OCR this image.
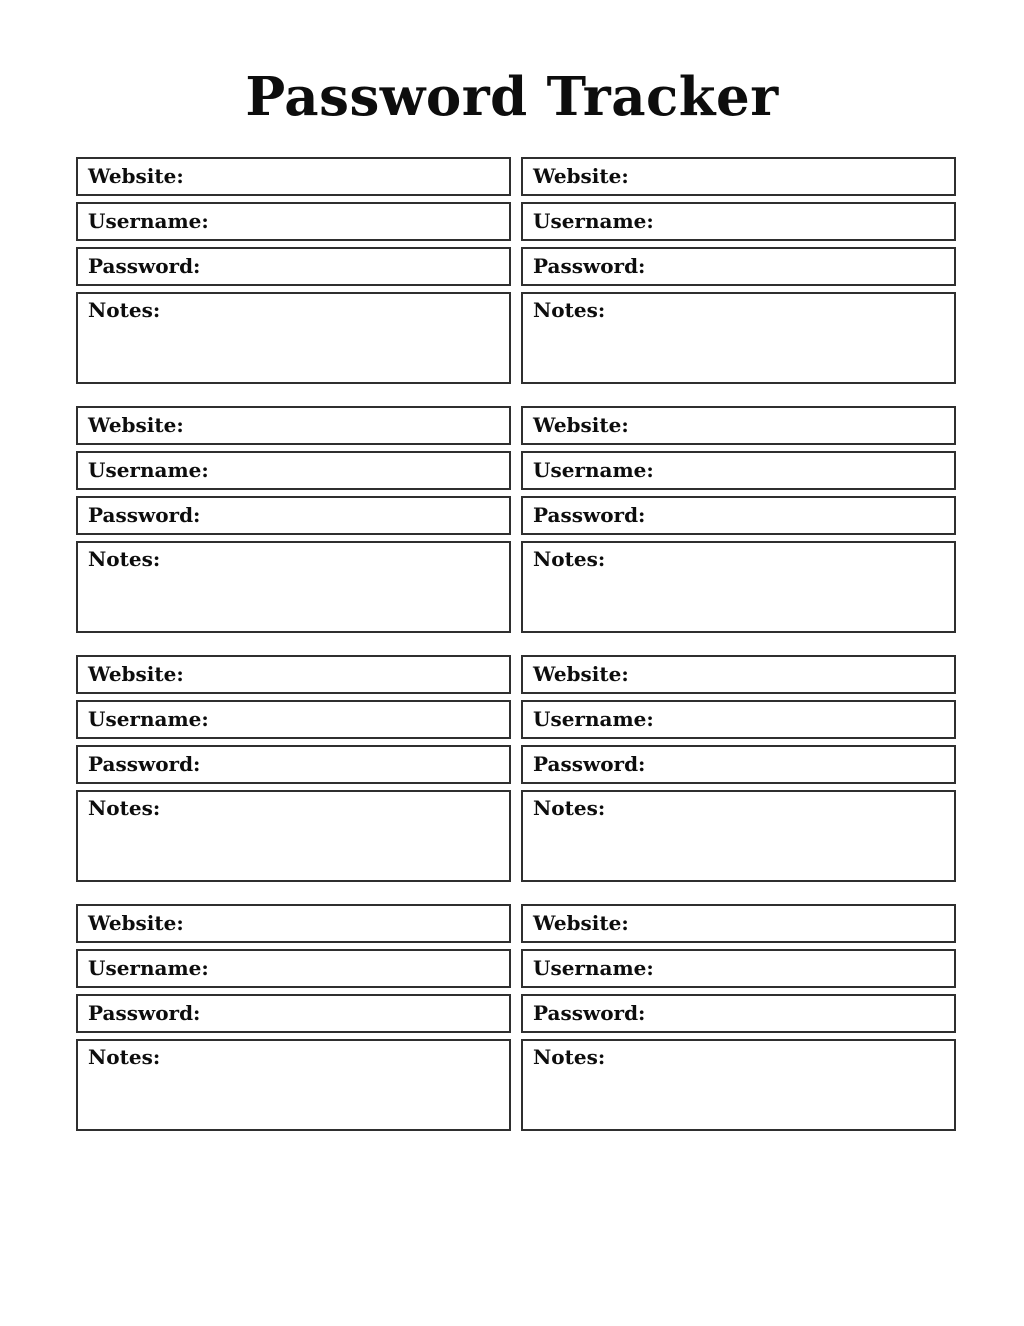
Password Tracker
Website:
Username:
Password:
Notes:
Website:
Username:
Password:
Notes:
Website:
Username:
Password:
Notes:
Website:
Username:
Password:
Notes:
Website:
Username:
Password:
Notes:
Website:
Username:
Password:
Notes:
Website:
Username:
Password:
Notes:
Website:
Username:
Password:
Notes:
